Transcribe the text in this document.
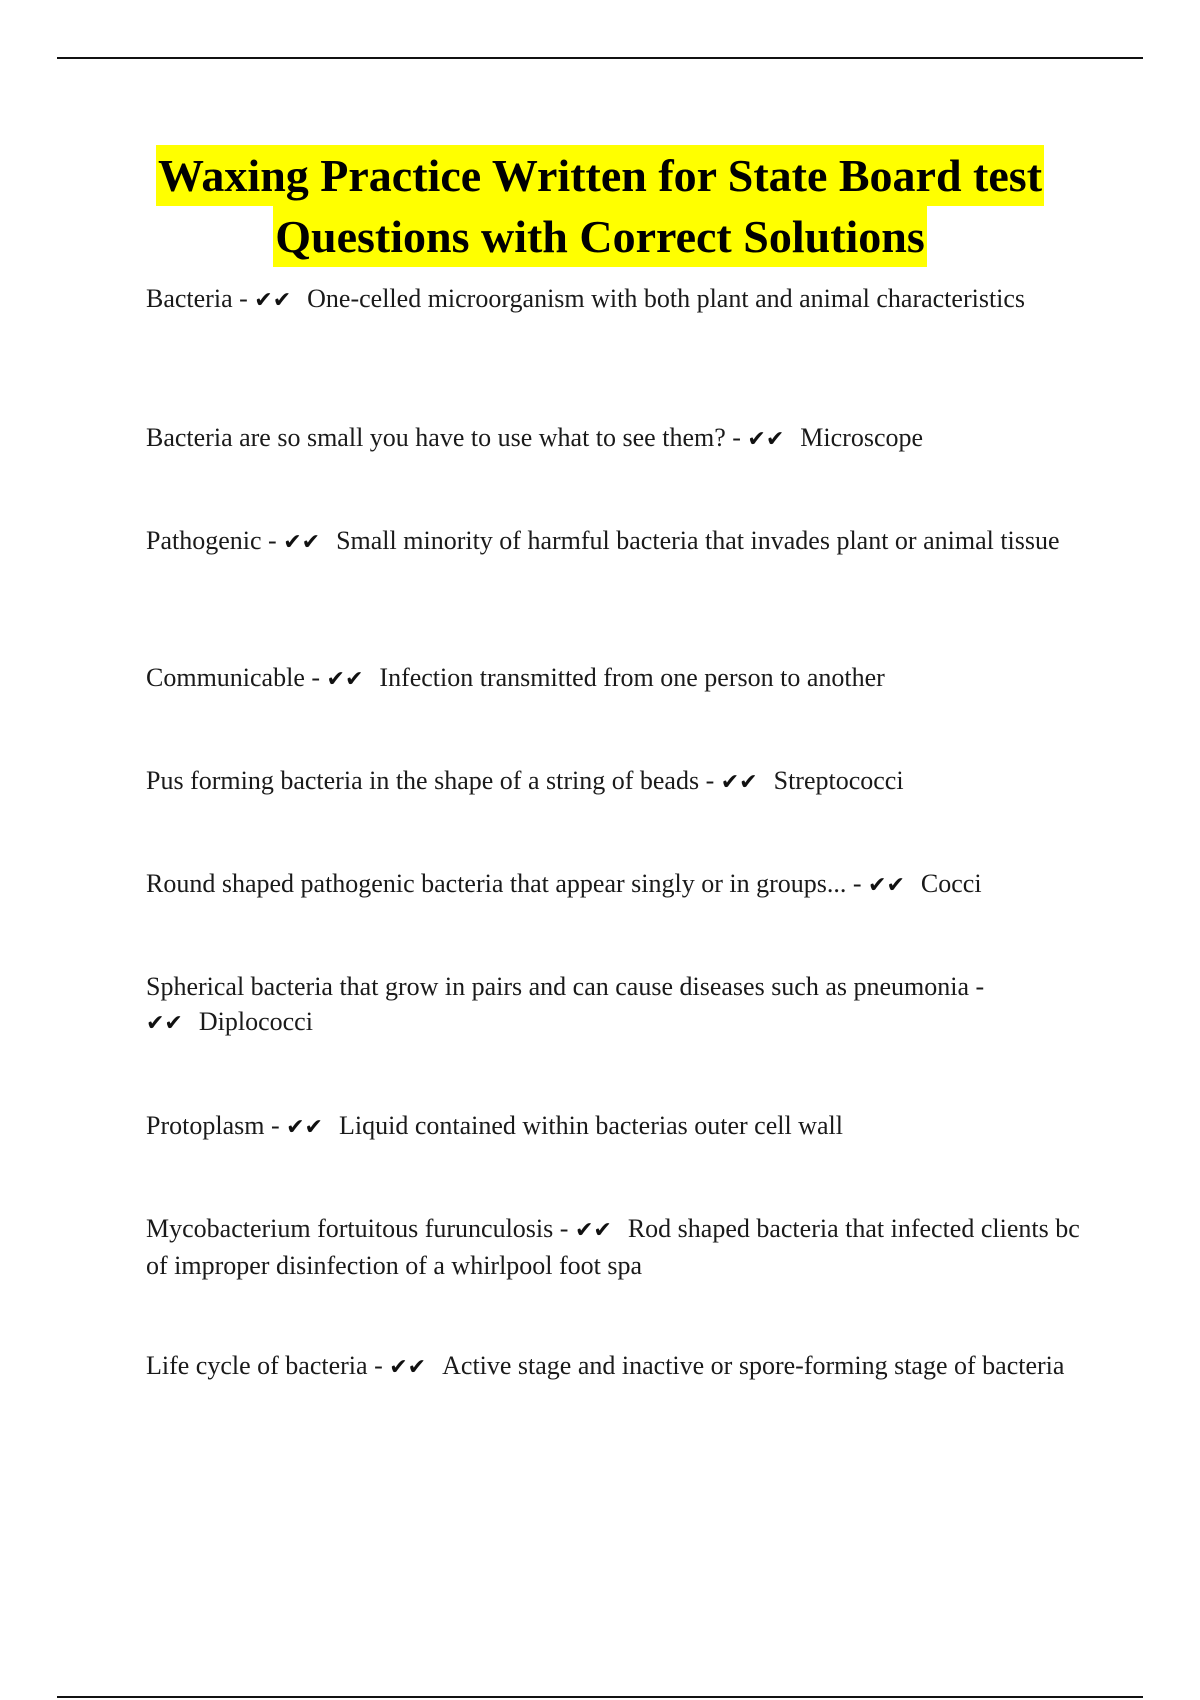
Waxing Practice Written for State Board test
Questions with Correct Solutions
Bacteria - ✔✔ One-celled microorganism with both plant and animal characteristics
Bacteria are so small you have to use what to see them? - ✔✔ Microscope
Pathogenic - ✔✔ Small minority of harmful bacteria that invades plant or animal tissue
Communicable - ✔✔ Infection transmitted from one person to another
Pus forming bacteria in the shape of a string of beads - ✔✔ Streptococci
Round shaped pathogenic bacteria that appear singly or in groups... - ✔✔ Cocci
Spherical bacteria that grow in pairs and can cause diseases such as pneumonia - ✔✔ Diplococci
Protoplasm - ✔✔ Liquid contained within bacterias outer cell wall
Mycobacterium fortuitous furunculosis - ✔✔ Rod shaped bacteria that infected clients bc of improper disinfection of a whirlpool foot spa
Life cycle of bacteria - ✔✔ Active stage and inactive or spore-forming stage of bacteria
